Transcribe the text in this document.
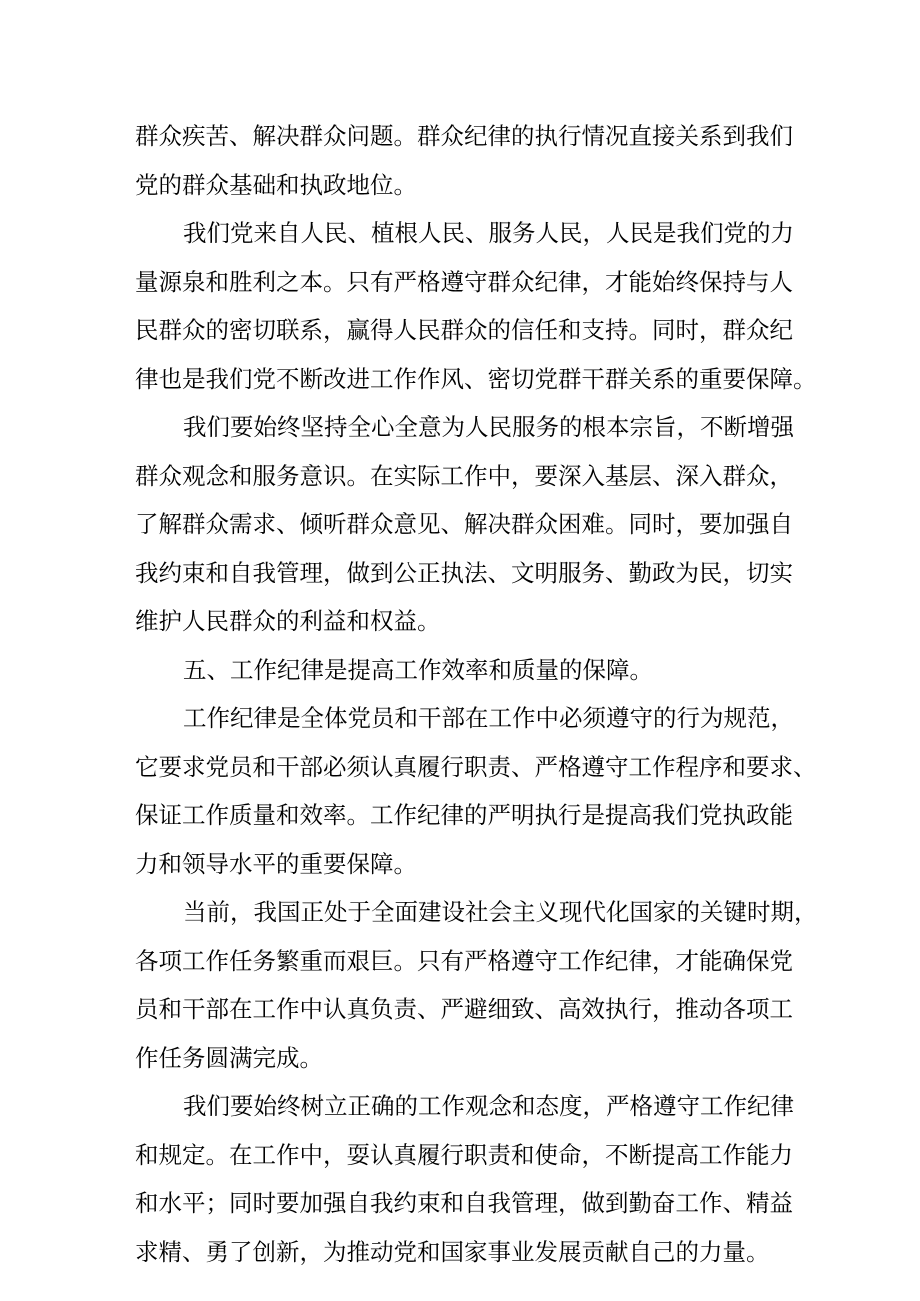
群众疾苦、解决群众问题。群众纪律的执行情况直接关系到我们
党的群众基础和执政地位。
我们党来自人民、植根人民、服务人民，人民是我们党的力
量源泉和胜利之本。只有严格遵守群众纪律，才能始终保持与人
民群众的密切联系，赢得人民群众的信任和支持。同时，群众纪
律也是我们党不断改进工作作风、密切党群干群关系的重要保障。
我们要始终坚持全心全意为人民服务的根本宗旨，不断增强
群众观念和服务意识。在实际工作中，要深入基层、深入群众，
了解群众需求、倾听群众意见、解决群众困难。同时，要加强自
我约束和自我管理，做到公正执法、文明服务、勤政为民，切实
维护人民群众的利益和权益。
五、工作纪律是提高工作效率和质量的保障。
工作纪律是全体党员和干部在工作中必须遵守的行为规范，
它要求党员和干部必须认真履行职责、严格遵守工作程序和要求、
保证工作质量和效率。工作纪律的严明执行是提高我们党执政能
力和领导水平的重要保障。
当前，我国正处于全面建设社会主义现代化国家的关键时期，
各项工作任务繁重而艰巨。只有严格遵守工作纪律，才能确保党
员和干部在工作中认真负责、严避细致、高效执行，推动各项工
作任务圆满完成。
我们要始终树立正确的工作观念和态度，严格遵守工作纪律
和规定。在工作中，耍认真履行职责和使命，不断提高工作能力
和水平；同时要加强自我约束和自我管理，做到勤奋工作、精益
求精、勇了创新，为推动党和国家事业发展贡献自己的力量。
